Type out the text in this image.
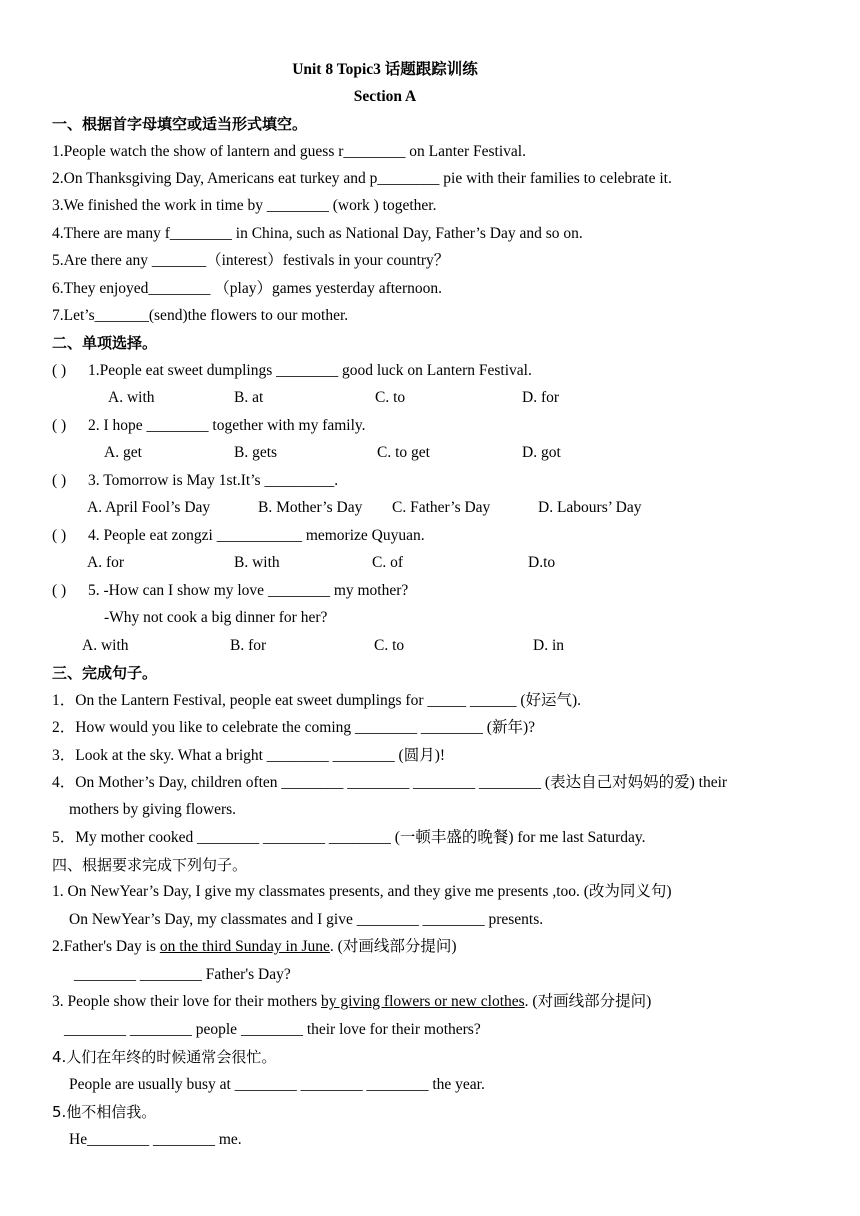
Unit 8 Topic3 话题跟踪训练
Section A
一、根据首字母填空或适当形式填空。
1.People watch the show of lantern and guess r________ on Lanter Festival.
2.On Thanksgiving Day, Americans eat turkey and p________ pie with their families to celebrate it.
3.We finished the work in time by ________ (work ) together.
4.There are many f________ in China, such as National Day, Father’s Day and so on.
5.Are there any _______（interest）festivals in your country？
6.They enjoyed________ （play）games yesterday afternoon.
7.Let’s_______(send)the flowers to our mother.
二、单项选择。
( ) 1.People eat sweet dumplings ________ good luck on Lantern Festival.
A. with	B. at	C. to	D. for
( ) 2. I hope ________ together with my family.
A. get	B. gets	C. to get	D. got
( ) 3. Tomorrow is May 1st.It’s _________.
A. April Fool’s Day	B. Mother’s Day C. Father’s Day	D. Labours’ Day
( ) 4. People eat zongzi ___________ memorize Quyuan.
A. for	B. with	C. of	D.to
( ) 5. -How can I show my love ________ my mother?
-Why not cook a big dinner for her?
A. with	B. for	C. to	D. in
三、完成句子。
1．On the Lantern Festival, people eat sweet dumplings for _____ ______ (好运气).
2．How would you like to celebrate the coming ________ ________ (新年)?
3．Look at the sky. What a bright ________ ________ (圆月)!
4．On Mother’s Day, children often ________ ________ ________ ________ (表达自己对妈妈的爱) their
mothers by giving flowers.
5．My mother cooked ________ ________ ________ (一顿丰盛的晚餐) for me last Saturday.
四、根据要求完成下列句子。
1. On NewYear’s Day, I give my classmates presents, and they give me presents ,too. (改为同义句)
On NewYear’s Day, my classmates and I give ________ ________ presents.
2.Father's Day is on the third Sunday in June. (对画线部分提问)
________ ________ Father's Day?
3. People show their love for their mothers by giving flowers or new clothes. (对画线部分提问)
________ ________ people ________ their love for their mothers?
4.人们在年终的时候通常会很忙。
People are usually busy at ________ ________ ________ the year.
5.他不相信我。
He________ ________ me.
